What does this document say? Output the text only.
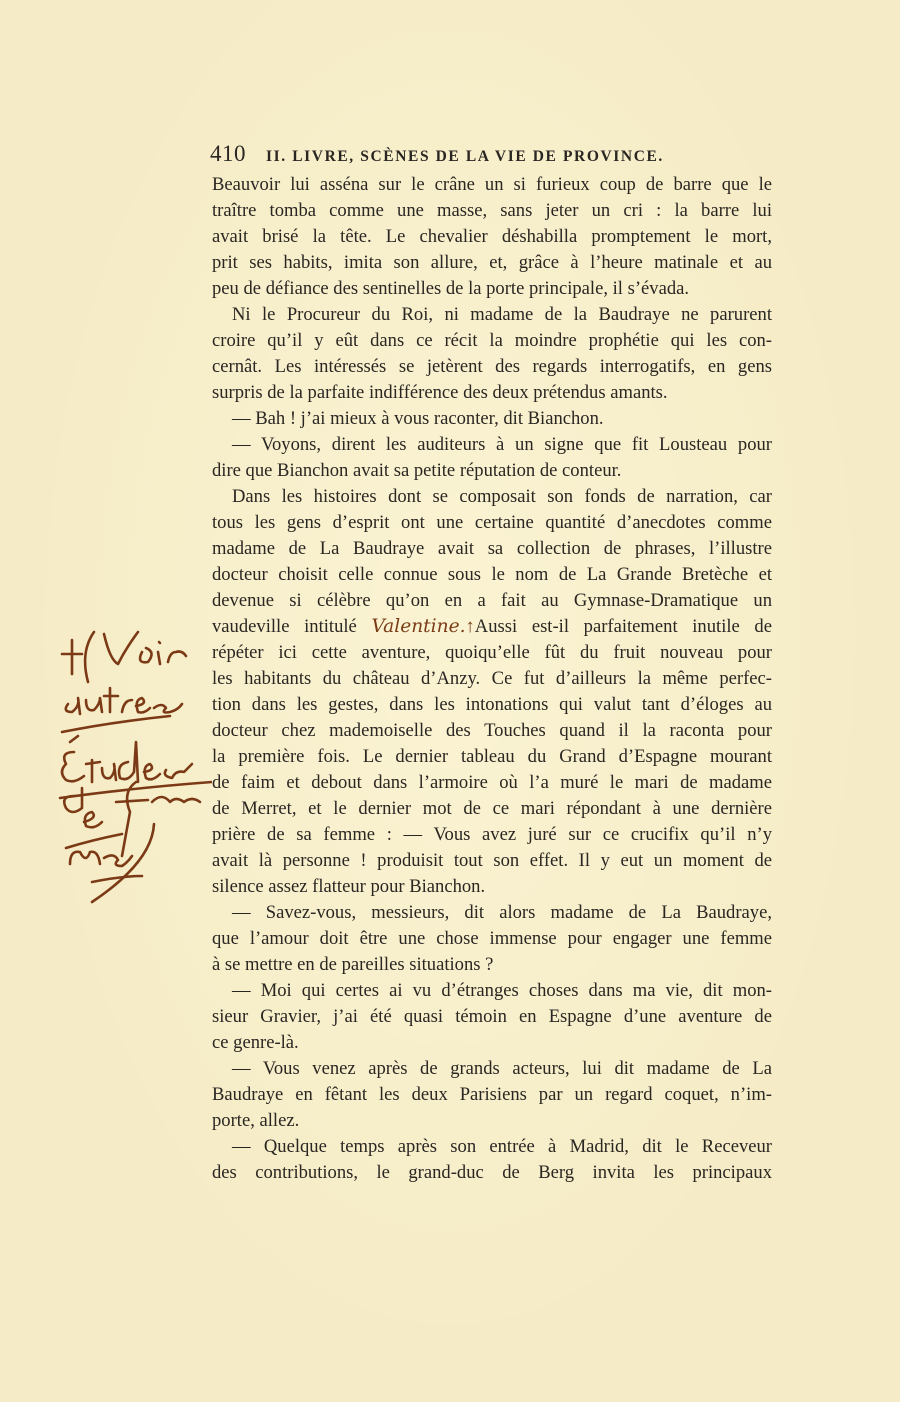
410	II. LIVRE, SCÈNES DE LA VIE DE PROVINCE.
Beauvoir lui asséna sur le crâne un si furieux coup de barre que le
traître tomba comme une masse, sans jeter un cri : la barre lui
avait brisé la tête. Le chevalier déshabilla promptement le mort,
prit ses habits, imita son allure, et, grâce à l’heure matinale et au
peu de défiance des sentinelles de la porte principale, il s’évada.
Ni le Procureur du Roi, ni madame de la Baudraye ne parurent
croire qu’il y eût dans ce récit la moindre prophétie qui les con-
cernât. Les intéressés se jetèrent des regards interrogatifs, en gens
surpris de la parfaite indifférence des deux prétendus amants.
— Bah ! j’ai mieux à vous raconter, dit Bianchon.
— Voyons, dirent les auditeurs à un signe que fit Lousteau pour
dire que Bianchon avait sa petite réputation de conteur.
Dans les histoires dont se composait son fonds de narration, car
tous les gens d’esprit ont une certaine quantité d’anecdotes comme
madame de La Baudraye avait sa collection de phrases, l’illustre
docteur choisit celle connue sous le nom de La Grande Bretèche et
devenue si célèbre qu’on en a fait au Gymnase-Dramatique un
vaudeville intitulé Valentine.↑Aussi est-il parfaitement inutile de
répéter ici cette aventure, quoiqu’elle fût du fruit nouveau pour
les habitants du château d’Anzy. Ce fut d’ailleurs la même perfec-
tion dans les gestes, dans les intonations qui valut tant d’éloges au
docteur chez mademoiselle des Touches quand il la raconta pour
la première fois. Le dernier tableau du Grand d’Espagne mourant
de faim et debout dans l’armoire où l’a muré le mari de madame
de Merret, et le dernier mot de ce mari répondant à une dernière
prière de sa femme : — Vous avez juré sur ce crucifix qu’il n’y
avait là personne ! produisit tout son effet. Il y eut un moment de
silence assez flatteur pour Bianchon.
— Savez-vous, messieurs, dit alors madame de La Baudraye,
que l’amour doit être une chose immense pour engager une femme
à se mettre en de pareilles situations ?
— Moi qui certes ai vu d’étranges choses dans ma vie, dit mon-
sieur Gravier, j’ai été quasi témoin en Espagne d’une aventure de
ce genre-là.
— Vous venez après de grands acteurs, lui dit madame de La
Baudraye en fêtant les deux Parisiens par un regard coquet, n’im-
porte, allez.
— Quelque temps après son entrée à Madrid, dit le Receveur
des contributions, le grand-duc de Berg invita les principaux
